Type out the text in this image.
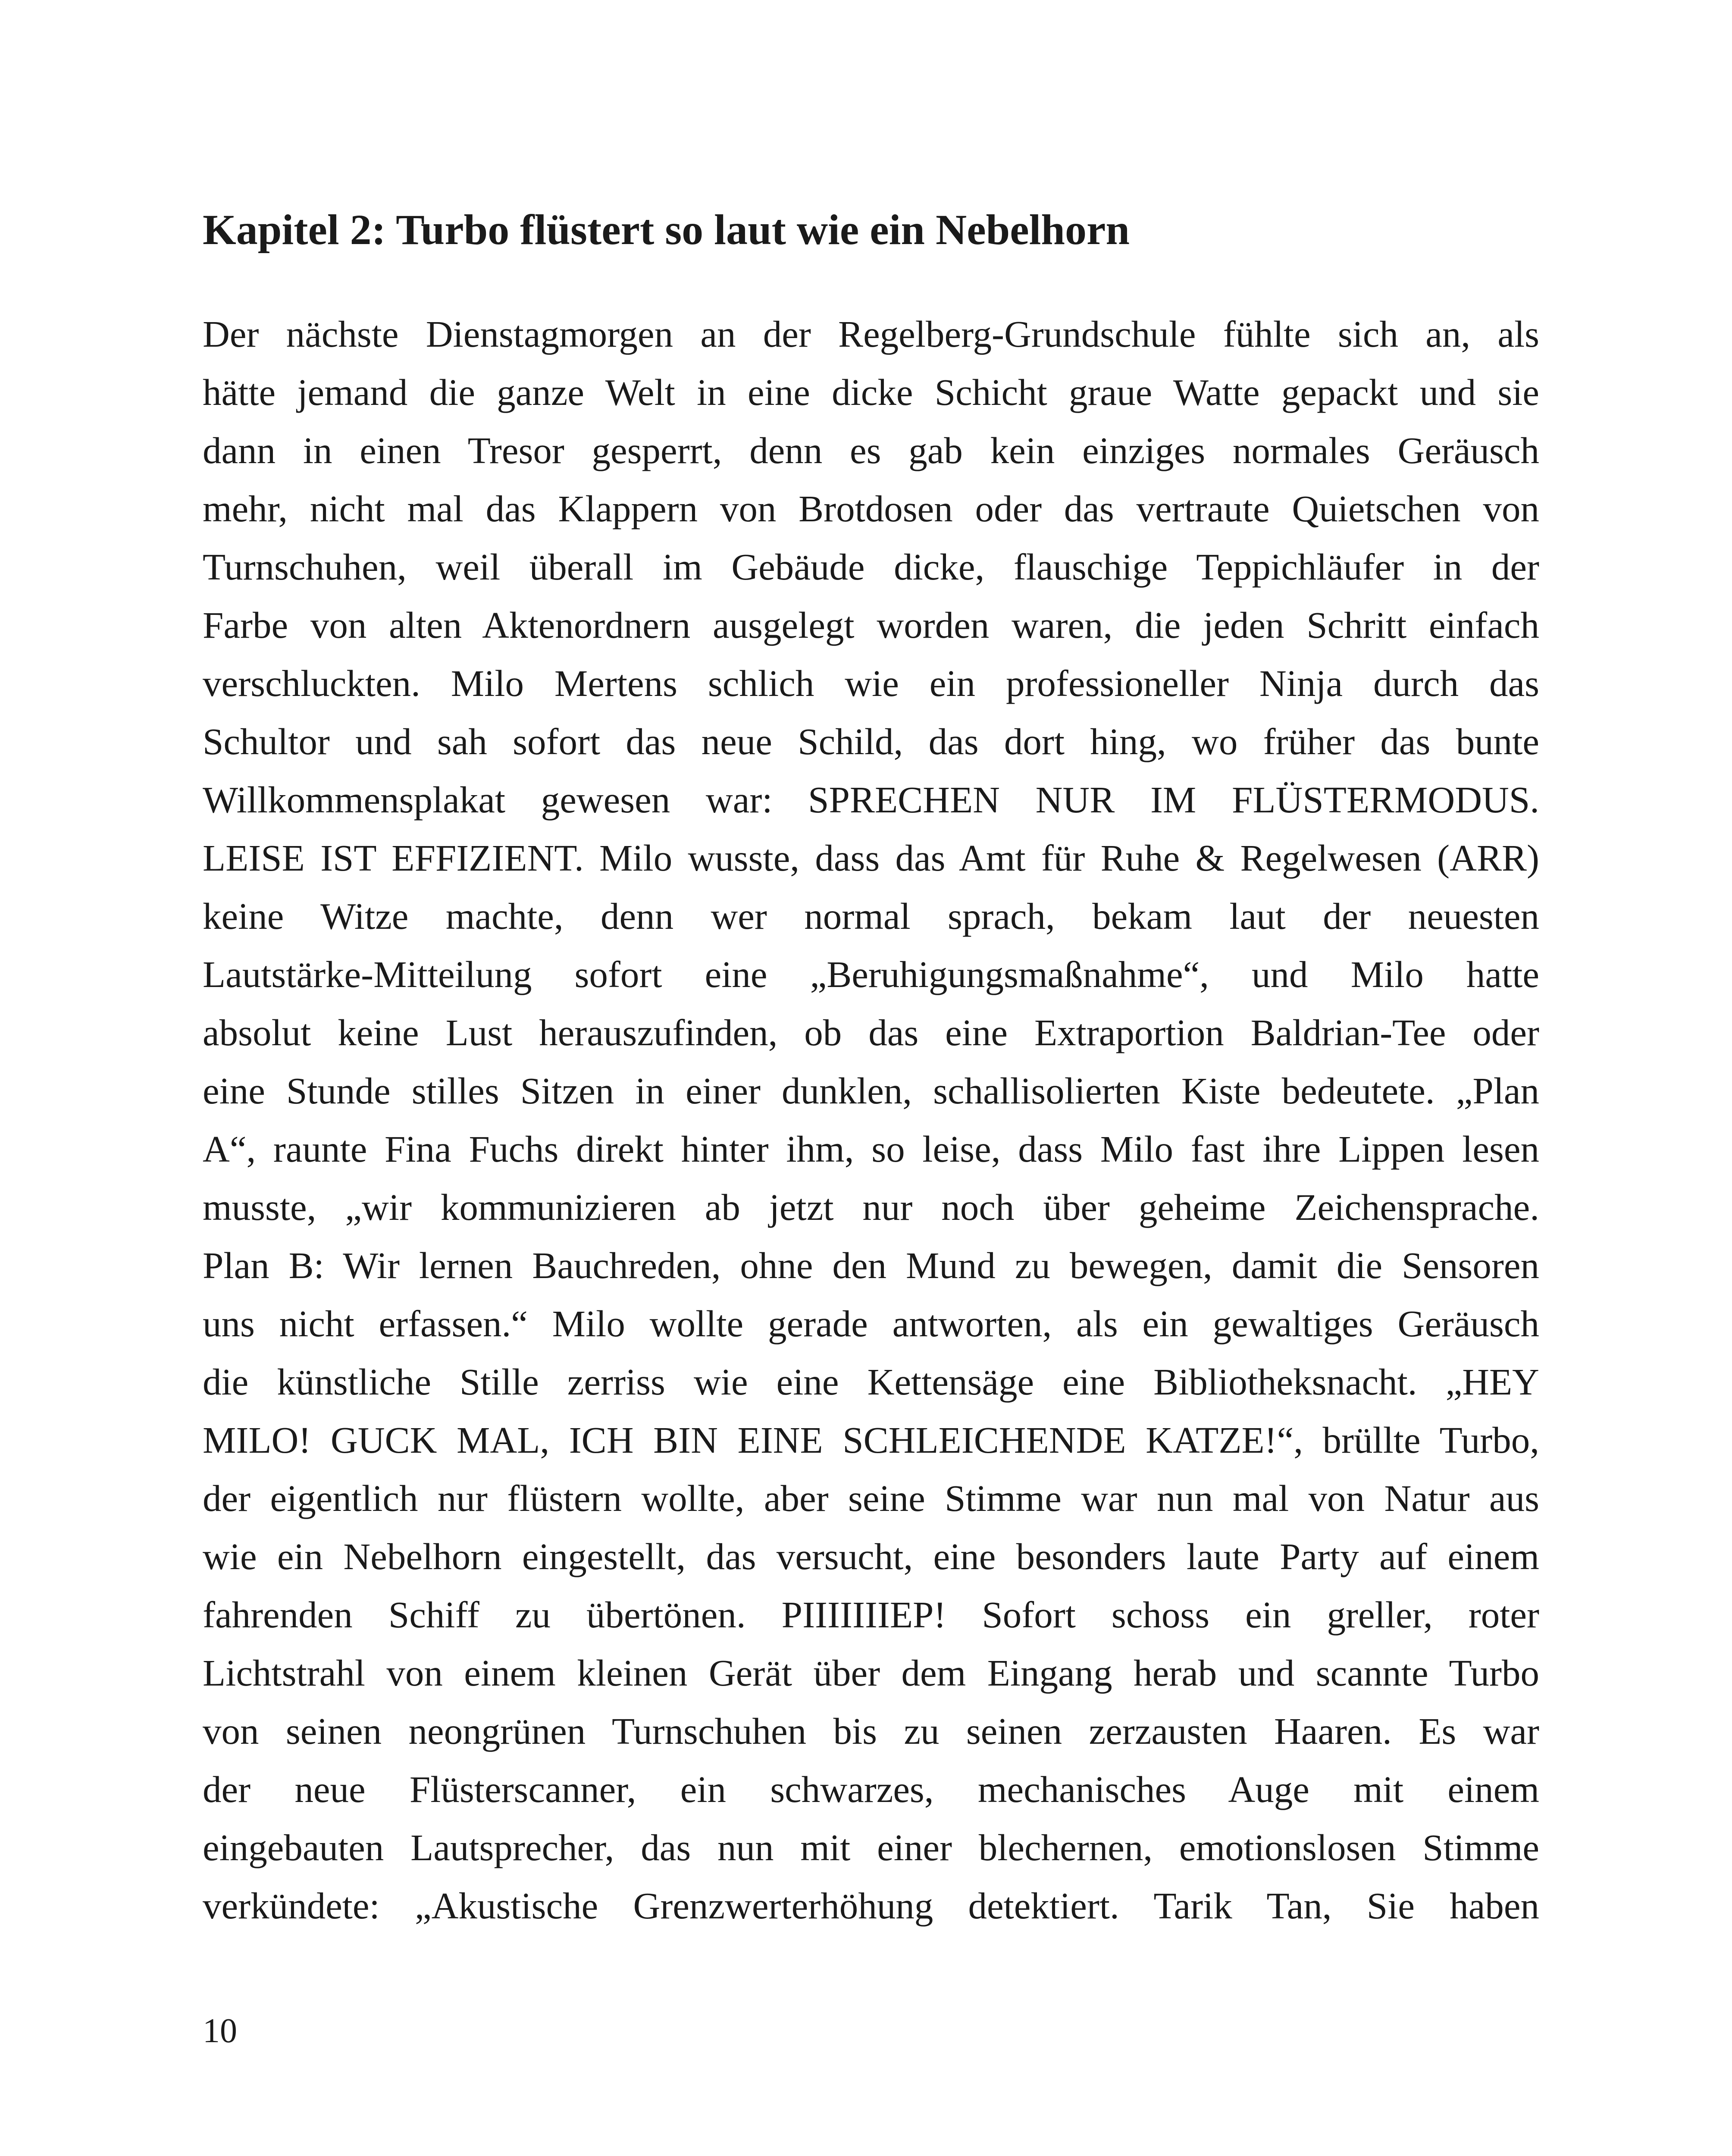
Kapitel 2: Turbo flüstert so laut wie ein Nebelhorn
Der nächste Dienstagmorgen an der Regelberg-Grundschule fühlte sich an, als
hätte jemand die ganze Welt in eine dicke Schicht graue Watte gepackt und sie
dann in einen Tresor gesperrt, denn es gab kein einziges normales Geräusch
mehr, nicht mal das Klappern von Brotdosen oder das vertraute Quietschen von
Turnschuhen, weil überall im Gebäude dicke, flauschige Teppichläufer in der
Farbe von alten Aktenordnern ausgelegt worden waren, die jeden Schritt einfach
verschluckten. Milo Mertens schlich wie ein professioneller Ninja durch das
Schultor und sah sofort das neue Schild, das dort hing, wo früher das bunte
Willkommensplakat gewesen war: SPRECHEN NUR IM FLÜSTERMODUS.
LEISE IST EFFIZIENT. Milo wusste, dass das Amt für Ruhe & Regelwesen (ARR)
keine Witze machte, denn wer normal sprach, bekam laut der neuesten
Lautstärke-Mitteilung sofort eine „Beruhigungsmaßnahme“, und Milo hatte
absolut keine Lust herauszufinden, ob das eine Extraportion Baldrian-Tee oder
eine Stunde stilles Sitzen in einer dunklen, schallisolierten Kiste bedeutete. „Plan
A“, raunte Fina Fuchs direkt hinter ihm, so leise, dass Milo fast ihre Lippen lesen
musste, „wir kommunizieren ab jetzt nur noch über geheime Zeichensprache.
Plan B: Wir lernen Bauchreden, ohne den Mund zu bewegen, damit die Sensoren
uns nicht erfassen.“ Milo wollte gerade antworten, als ein gewaltiges Geräusch
die künstliche Stille zerriss wie eine Kettensäge eine Bibliotheksnacht. „HEY
MILO! GUCK MAL, ICH BIN EINE SCHLEICHENDE KATZE!“, brüllte Turbo,
der eigentlich nur flüstern wollte, aber seine Stimme war nun mal von Natur aus
wie ein Nebelhorn eingestellt, das versucht, eine besonders laute Party auf einem
fahrenden Schiff zu übertönen. PIIIIIIIEP! Sofort schoss ein greller, roter
Lichtstrahl von einem kleinen Gerät über dem Eingang herab und scannte Turbo
von seinen neongrünen Turnschuhen bis zu seinen zerzausten Haaren. Es war
der neue Flüsterscanner, ein schwarzes, mechanisches Auge mit einem
eingebauten Lautsprecher, das nun mit einer blechernen, emotionslosen Stimme
verkündete: „Akustische Grenzwerterhöhung detektiert. Tarik Tan, Sie haben
10
